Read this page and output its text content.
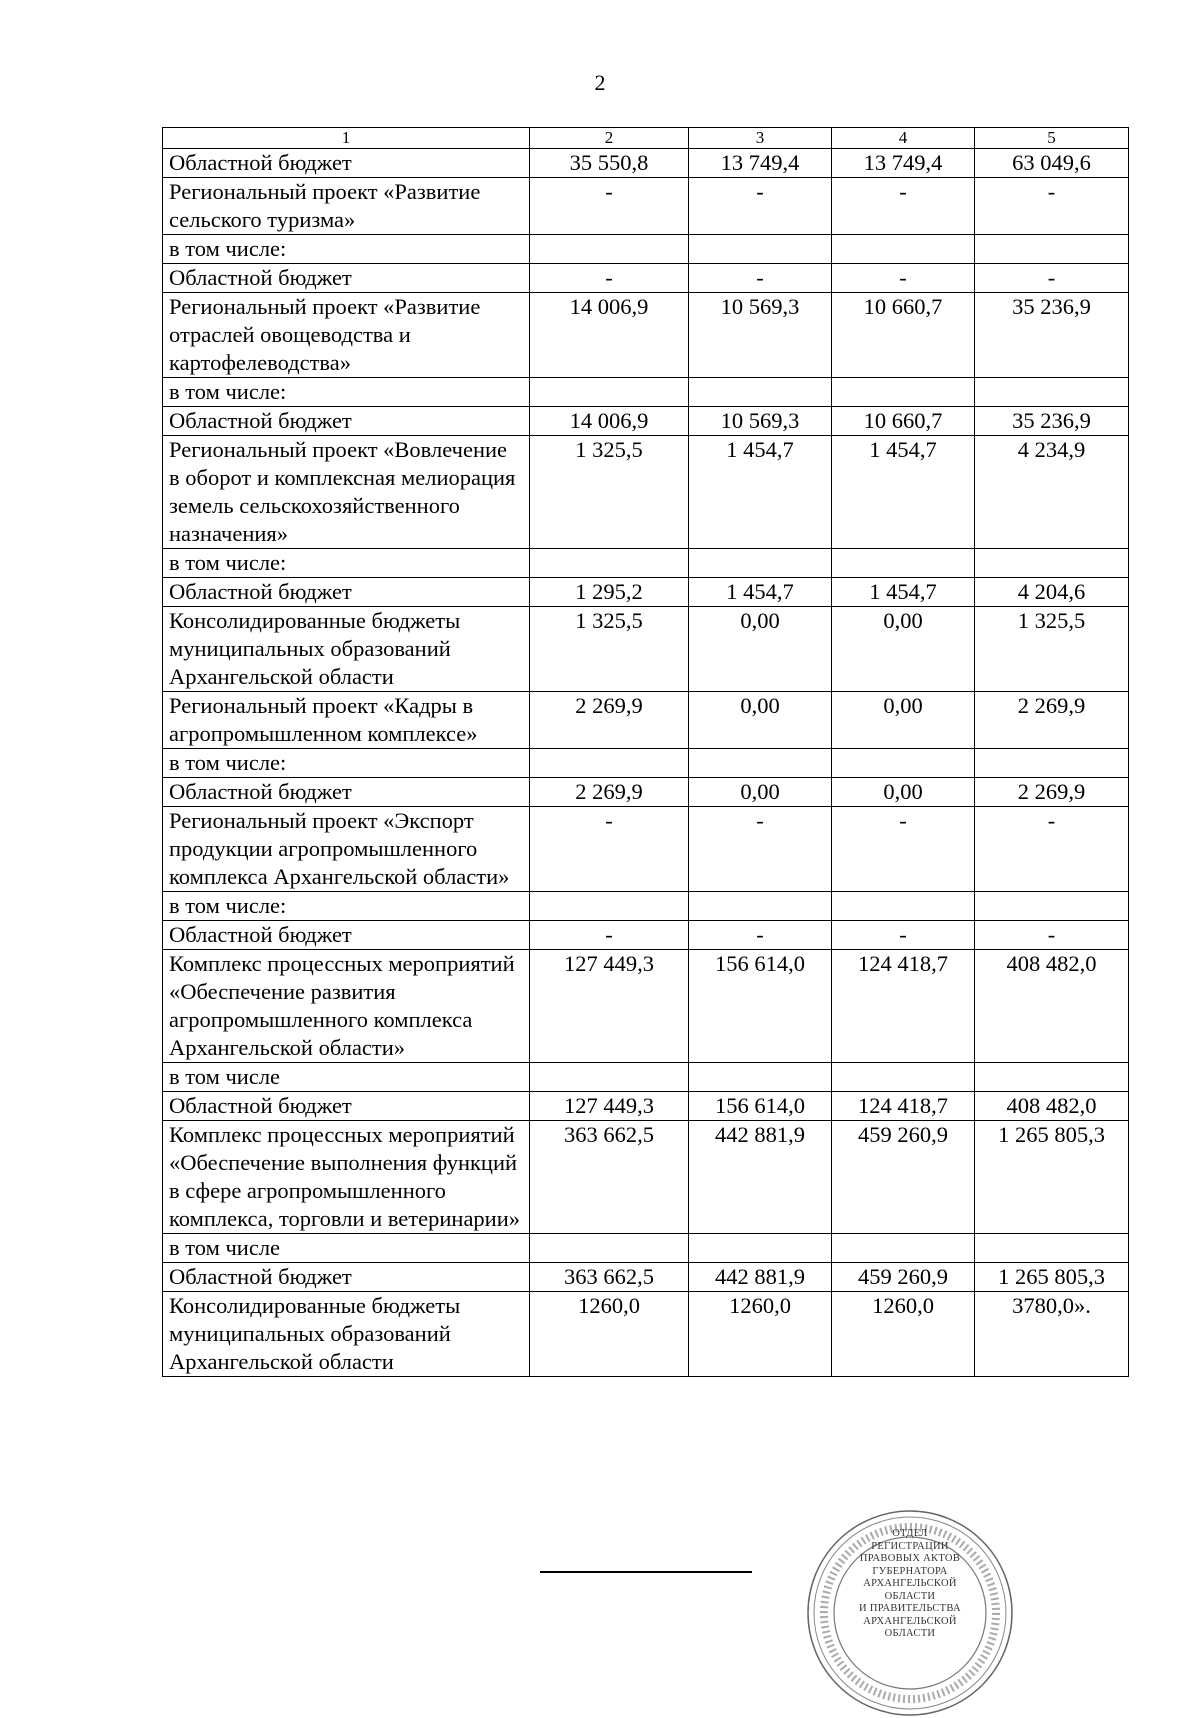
2
1	2	3	4	5
Областной бюджет	35 550,8	13 749,4	13 749,4	63 049,6
Региональный проект «Развитие сельского туризма»	-	-	-	-
в том числе:				
Областной бюджет	-	-	-	-
Региональный проект «Развитие отраслей овощеводства и картофелеводства»	14 006,9	10 569,3	10 660,7	35 236,9
в том числе:				
Областной бюджет	14 006,9	10 569,3	10 660,7	35 236,9
Региональный проект «Вовлечение в оборот и комплексная мелиорация земель сельскохозяйственного назначения»	1 325,5	1 454,7	1 454,7	4 234,9
в том числе:				
Областной бюджет	1 295,2	1 454,7	1 454,7	4 204,6
Консолидированные бюджеты муниципальных образований Архангельской области	1 325,5	0,00	0,00	1 325,5
Региональный проект «Кадры в агропромышленном комплексе»	2 269,9	0,00	0,00	2 269,9
в том числе:				
Областной бюджет	2 269,9	0,00	0,00	2 269,9
Региональный проект «Экспорт продукции агропромышленного комплекса Архангельской области»	-	-	-	-
в том числе:				
Областной бюджет	-	-	-	-
Комплекс процессных мероприятий «Обеспечение развития агропромышленного комплекса Архангельской области»	127 449,3	156 614,0	124 418,7	408 482,0
в том числе				
Областной бюджет	127 449,3	156 614,0	124 418,7	408 482,0
Комплекс процессных мероприятий «Обеспечение выполнения функций в сфере агропромышленного комплекса, торговли и ветеринарии»	363 662,5	442 881,9	459 260,9	1 265 805,3
в том числе				
Областной бюджет	363 662,5	442 881,9	459 260,9	1 265 805,3
Консолидированные бюджеты муниципальных образований Архангельской области	1260,0	1260,0	1260,0	3780,0».
ОТДЕЛ
РЕГИСТРАЦИИ
ПРАВОВЫХ АКТОВ
ГУБЕРНАТОРА
АРХАНГЕЛЬСКОЙ
ОБЛАСТИ
И ПРАВИТЕЛЬСТВА
АРХАНГЕЛЬСКОЙ
ОБЛАСТИ
